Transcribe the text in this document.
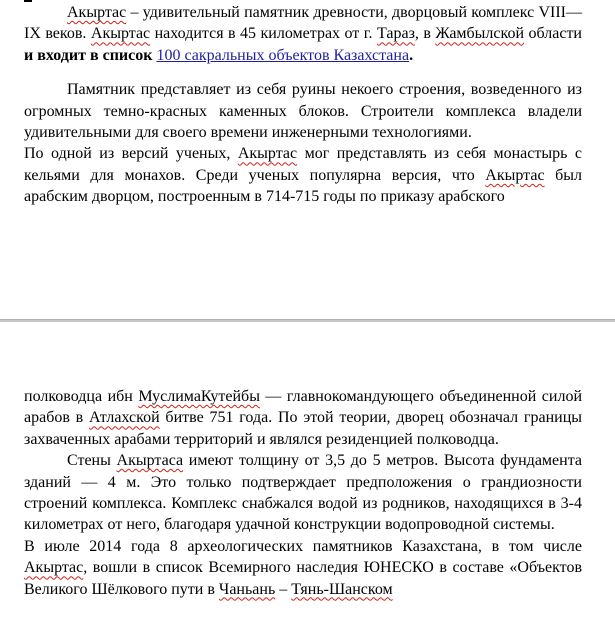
Акыртас – удивительный памятник древности, дворцовый комплекс VIII—IX веков. Акыртас находится в 45 километрах от г. Тараз, в Жамбылской области и входит в список 100 сакральных объектов Казахстана.

Памятник представляет из себя руины некоего строения, возведенного из огромных темно-красных каменных блоков. Строители комплекса владели удивительными для своего времени инженерными технологиями.

По одной из версий ученых, Акыртас мог представлять из себя монастырь с кельями для монахов. Среди ученых популярна версия, что Акыртас был арабским дворцом, построенным в 714-715 годы по приказу арабского

полководца ибн МуслимаКутейбы — главнокомандующего объединенной силой арабов в Атлахской битве 751 года. По этой теории, дворец обозначал границы захваченных арабами территорий и являлся резиденцией полководца.

Стены Акыртаса имеют толщину от 3,5 до 5 метров. Высота фундамента зданий — 4 м. Это только подтверждает предположения о грандиозности строений комплекса. Комплекс снабжался водой из родников, находящихся в 3-4 километрах от него, благодаря удачной конструкции водопроводной системы.

В июле 2014 года 8 археологических памятников Казахстана, в том числе Акыртас, вошли в список Всемирного наследия ЮНЕСКО в составе «Объектов Великого Шёлкового пути в Чаньань – Тянь-Шанском
